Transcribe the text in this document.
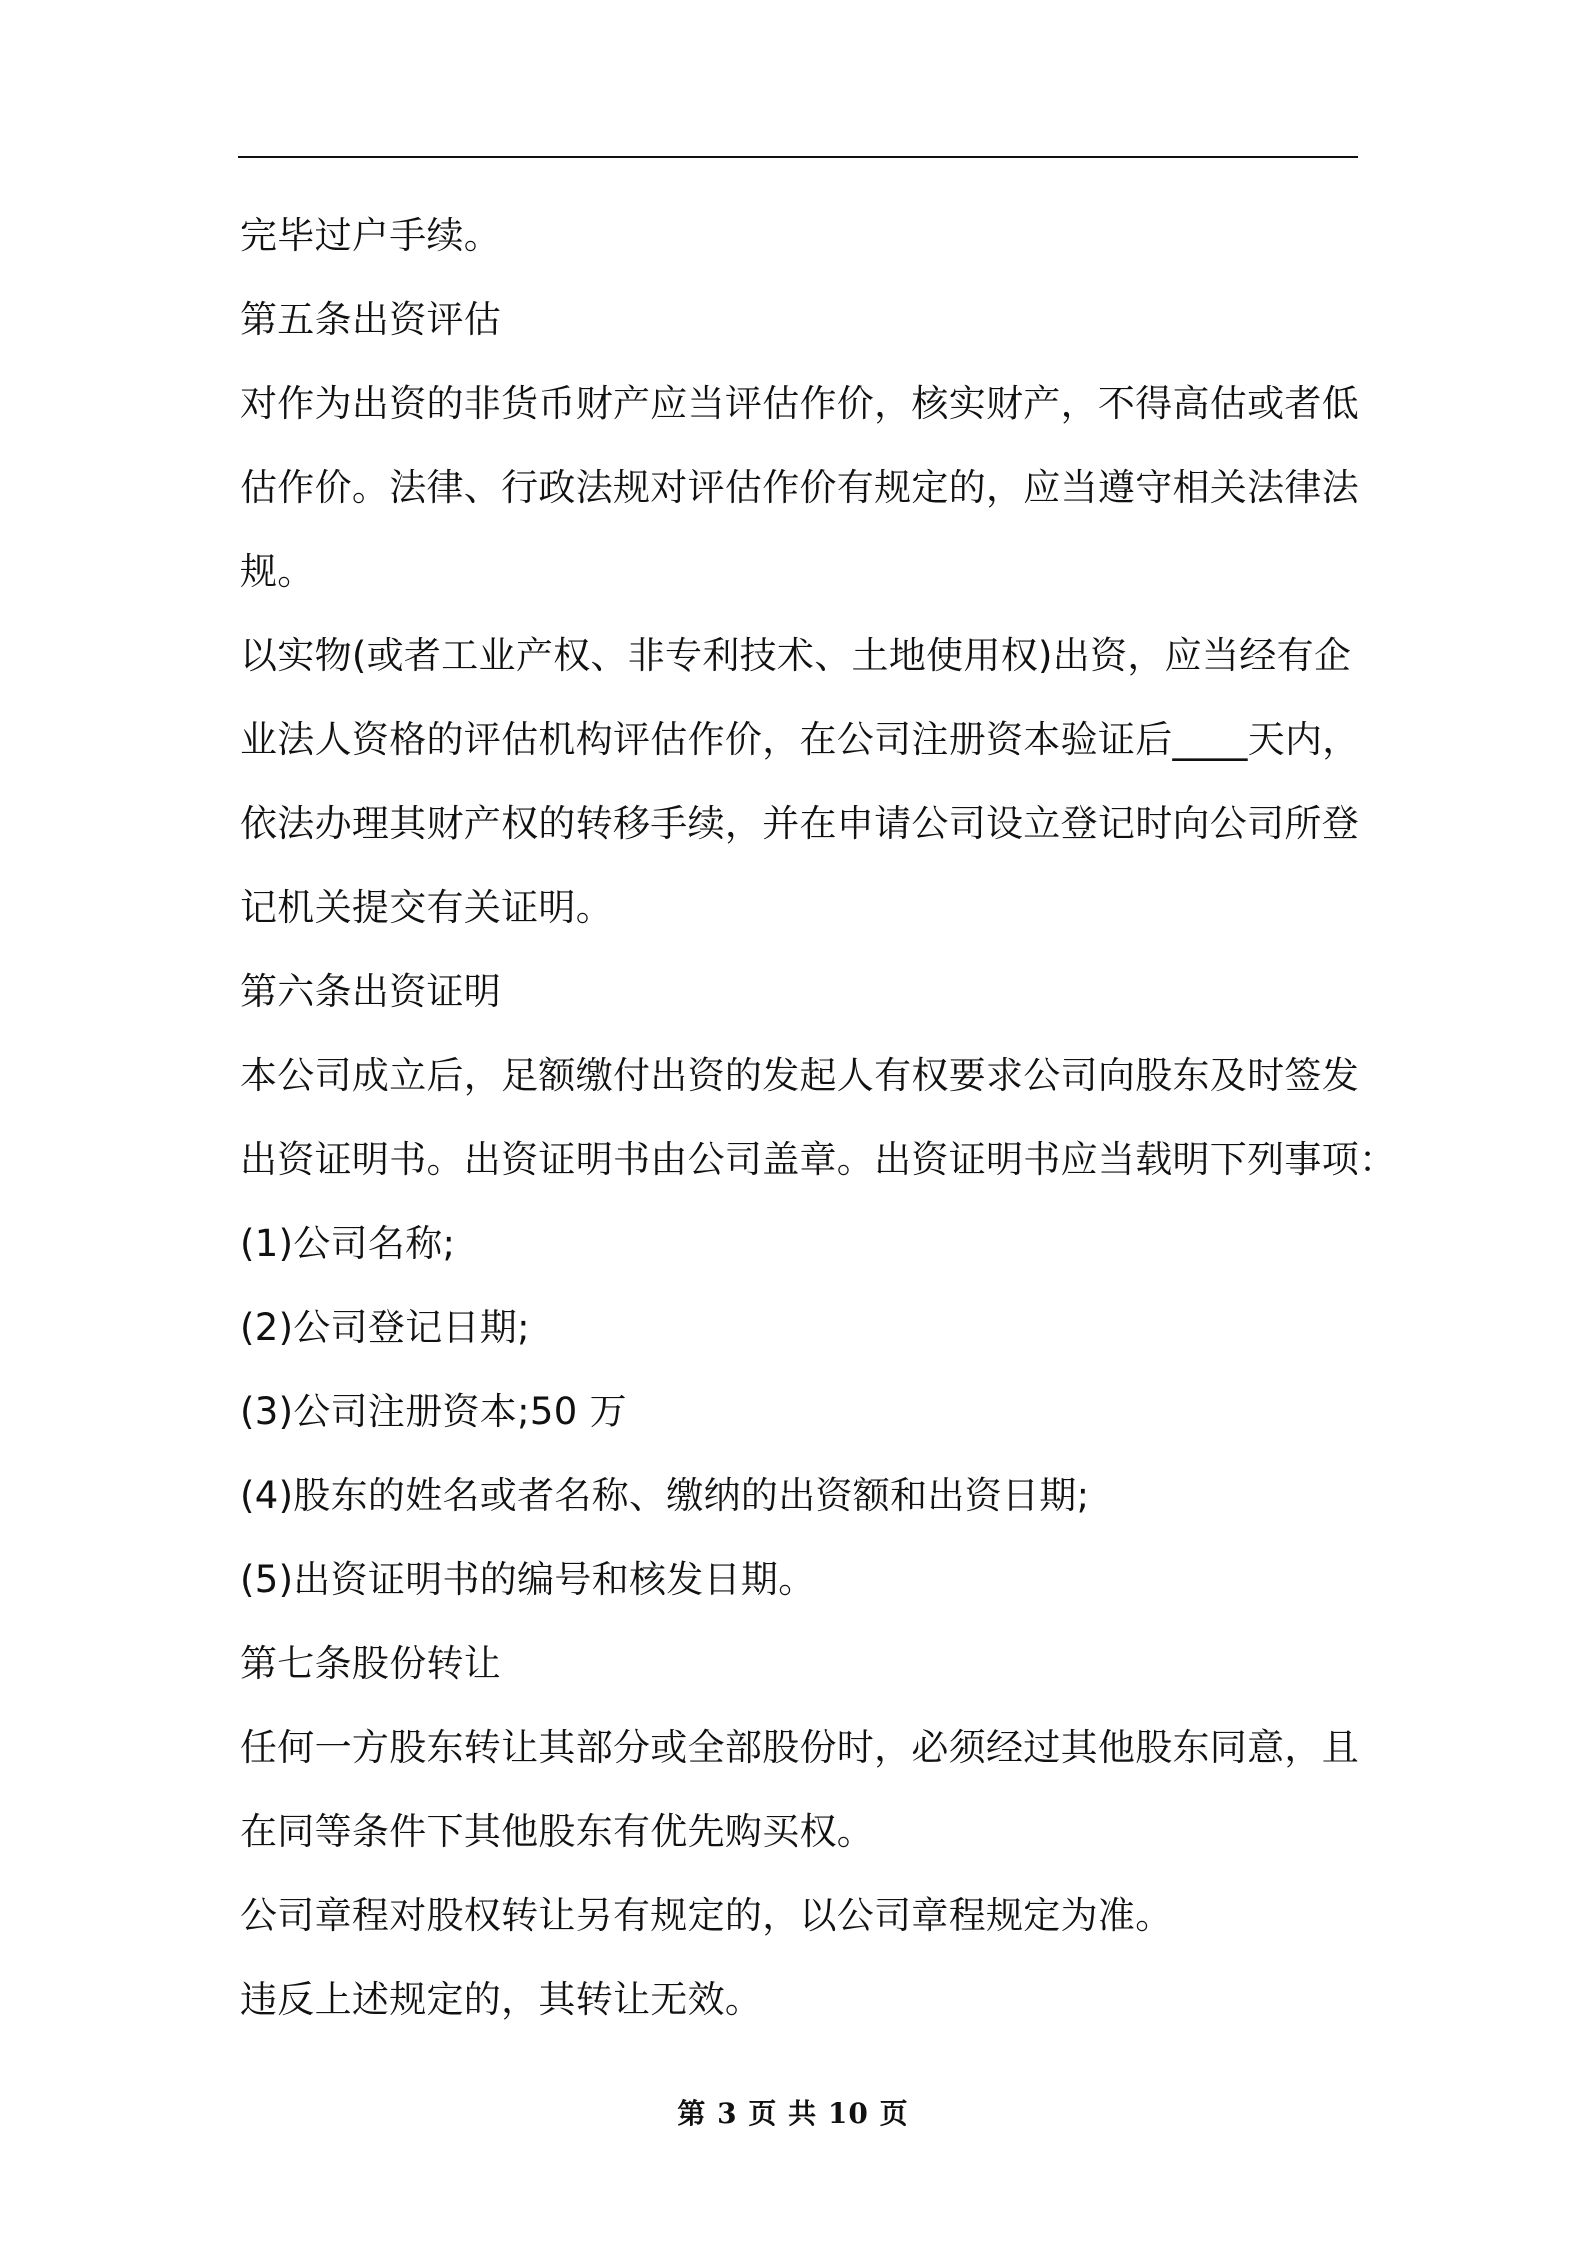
完毕过户手续。
第五条出资评估
对作为出资的非货币财产应当评估作价，核实财产，不得高估或者低
估作价。法律、行政法规对评估作价有规定的，应当遵守相关法律法
规。
以实物(或者工业产权、非专利技术、土地使用权)出资，应当经有企
业法人资格的评估机构评估作价，在公司注册资本验证后____天内，
依法办理其财产权的转移手续，并在申请公司设立登记时向公司所登
记机关提交有关证明。
第六条出资证明
本公司成立后，足额缴付出资的发起人有权要求公司向股东及时签发
出资证明书。出资证明书由公司盖章。出资证明书应当载明下列事项：
(1)公司名称;
(2)公司登记日期;
(3)公司注册资本;50 万
(4)股东的姓名或者名称、缴纳的出资额和出资日期;
(5)出资证明书的编号和核发日期。
第七条股份转让
任何一方股东转让其部分或全部股份时，必须经过其他股东同意，且
在同等条件下其他股东有优先购买权。
公司章程对股权转让另有规定的，以公司章程规定为准。
违反上述规定的，其转让无效。
第 3 页 共 10 页
